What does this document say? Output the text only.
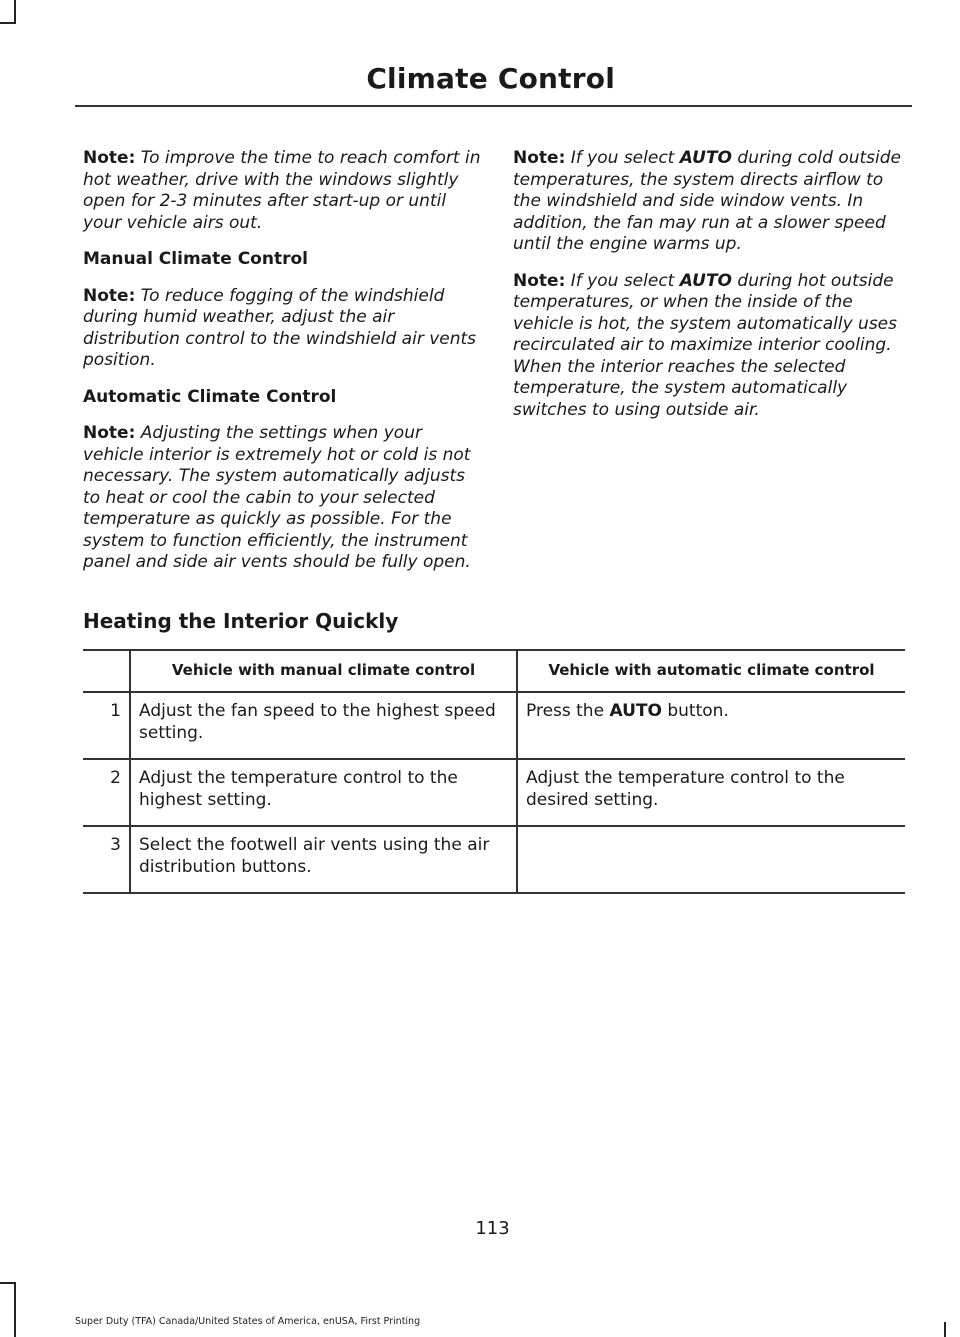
Climate Control

Note: To improve the time to reach comfort in hot weather, drive with the windows slightly open for 2-3 minutes after start-up or until your vehicle airs out.

Manual Climate Control

Note: To reduce fogging of the windshield during humid weather, adjust the air distribution control to the windshield air vents position.

Automatic Climate Control

Note: Adjusting the settings when your vehicle interior is extremely hot or cold is not necessary. The system automatically adjusts to heat or cool the cabin to your selected temperature as quickly as possible. For the system to function efficiently, the instrument panel and side air vents should be fully open.

Note: If you select AUTO during cold outside temperatures, the system directs airflow to the windshield and side window vents. In addition, the fan may run at a slower speed until the engine warms up.

Note: If you select AUTO during hot outside temperatures, or when the inside of the vehicle is hot, the system automatically uses recirculated air to maximize interior cooling. When the interior reaches the selected temperature, the system automatically switches to using outside air.

Heating the Interior Quickly
	Vehicle with manual climate control	Vehicle with automatic climate control
1	Adjust the fan speed to the highest speed setting.	Press the AUTO button.
2	Adjust the temperature control to the highest setting.	Adjust the temperature control to the desired setting.
3	Select the footwell air vents using the air distribution buttons.	
113
Super Duty (TFA) Canada/United States of America, enUSA, First Printing
